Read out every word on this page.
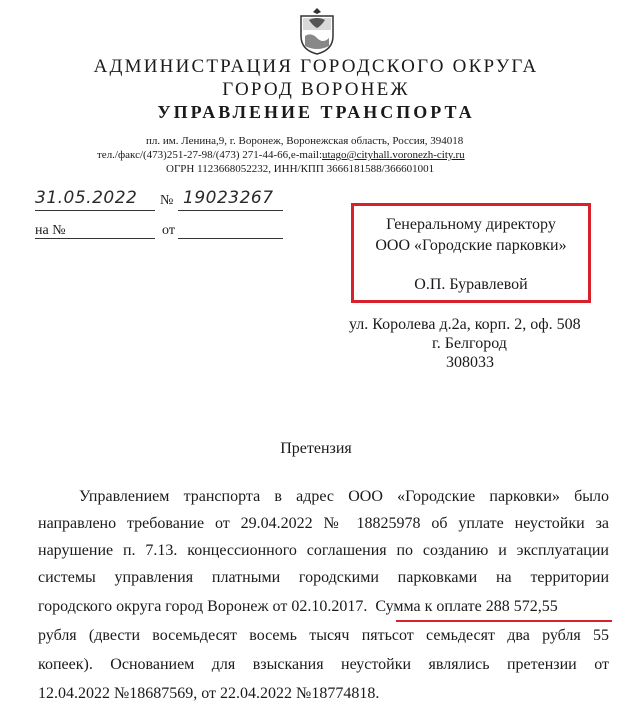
АДМИНИСТРАЦИЯ ГОРОДСКОГО ОКРУГА
ГОРОД ВОРОНЕЖ
УПРАВЛЕНИЕ ТРАНСПОРТА
пл. им. Ленина,9, г. Воронеж, Воронежская область, Россия, 394018
тел./факс/(473)251-27-98/(473) 271-44-66,e-mail:utago@cityhall.voronezh-city.ru
ОГРН 1123668052232, ИНН/КПП 3666181588/366601001
31.05.2022 № 19023267
на №	от	Генеральному директору
ООО «Городские парковки»
О.П. Буравлевой
ул. Королева д.2а, корп. 2, оф. 508
г. Белгород
308033
Претензия
Управлением транспорта в адрес ООО «Городские парковки» было
направлено требование от 29.04.2022 № 18825978 об уплате неустойки за
нарушение п. 7.13. концессионного соглашения по созданию и эксплуатации
системы управления платными городскими парковками на территории
городского округа город Воронеж от 02.10.2017. Сумма к оплате 288 572,55
рубля (двести восемьдесят восемь тысяч пятьсот семьдесят два рубля 55
копеек). Основанием для взыскания неустойки являлись претензии от
12.04.2022 №18687569, от 22.04.2022 №18774818.
